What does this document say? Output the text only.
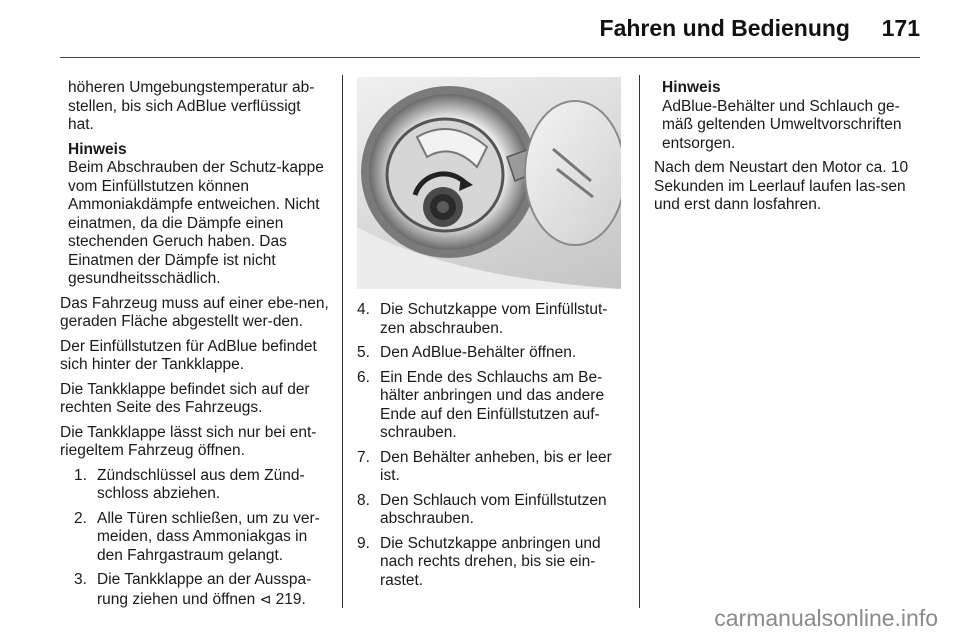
Fahren und Bedienung 171

höheren Umgebungstemperatur ab-stellen, bis sich AdBlue verflüssigt hat.

Hinweis
Beim Abschrauben der Schutz-kappe vom Einfüllstutzen können Ammoniakdämpfe entweichen. Nicht einatmen, da die Dämpfe einen stechenden Geruch haben. Das Einatmen der Dämpfe ist nicht gesundheitsschädlich.

Das Fahrzeug muss auf einer ebe-nen, geraden Fläche abgestellt wer-den.

Der Einfüllstutzen für AdBlue befindet sich hinter der Tankklappe.

Die Tankklappe befindet sich auf der rechten Seite des Fahrzeugs.

Die Tankklappe lässt sich nur bei ent-riegeltem Fahrzeug öffnen.

1. Zündschlüssel aus dem Zünd-schloss abziehen.
2. Alle Türen schließen, um zu ver-meiden, dass Ammoniakgas in den Fahrgastraum gelangt.
3. Die Tankklappe an der Ausspa-rung ziehen und öffnen ⊲ 219.
4. Die Schutzkappe vom Einfüllstut-zen abschrauben.
5. Den AdBlue-Behälter öffnen.
6. Ein Ende des Schlauchs am Be-hälter anbringen und das andere Ende auf den Einfüllstutzen auf-schrauben.
7. Den Behälter anheben, bis er leer ist.
8. Den Schlauch vom Einfüllstutzen abschrauben.
9. Die Schutzkappe anbringen und nach rechts drehen, bis sie ein-rastet.
Hinweis
AdBlue-Behälter und Schlauch ge-mäß geltenden Umweltvorschriften entsorgen.

Nach dem Neustart den Motor ca. 10 Sekunden im Leerlauf laufen las-sen und erst dann losfahren.

carmanualsonline.info
